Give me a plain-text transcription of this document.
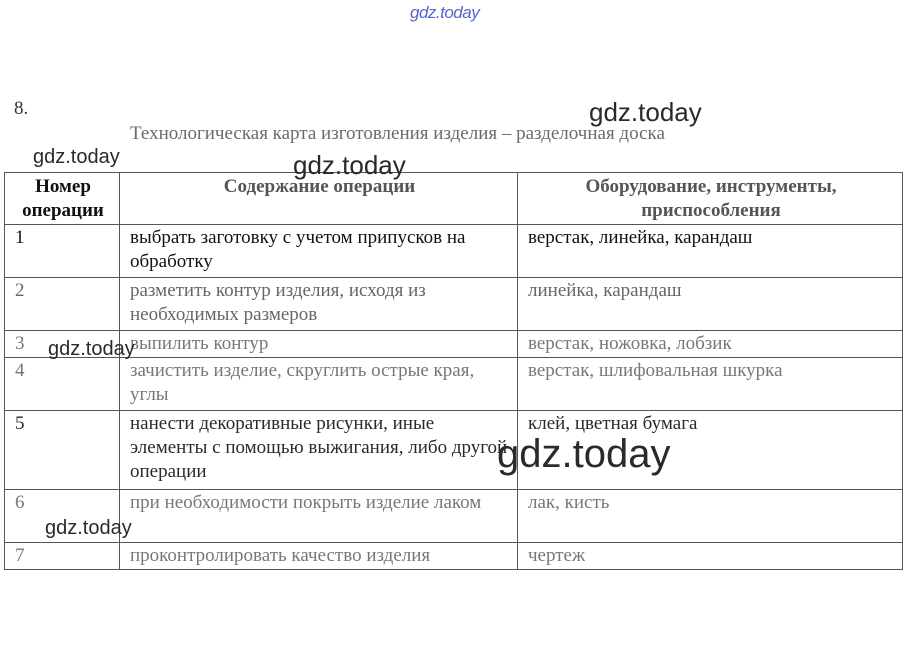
gdz.today
gdz.today
gdz.today	gdz.today
gdz.today
gdz.today
gdz.today
8.
Технологическая карта изготовления изделия – разделочная доска
Номер операции	Содержание операции	Оборудование, инструменты, приспособления
1	выбрать заготовку с учетом припусков на обработку	верстак, линейка, карандаш
2	разметить контур изделия, исходя из необходимых размеров	линейка, карандаш
3	выпилить контур	верстак, ножовка, лобзик
4	зачистить изделие, скруглить острые края, углы	верстак, шлифовальная шкурка
5	нанести декоративные рисунки, иные элементы с помощью выжигания, либо другой операции	клей, цветная бумага
6	при необходимости покрыть изделие лаком	лак, кисть
7	проконтролировать качество изделия	чертеж
